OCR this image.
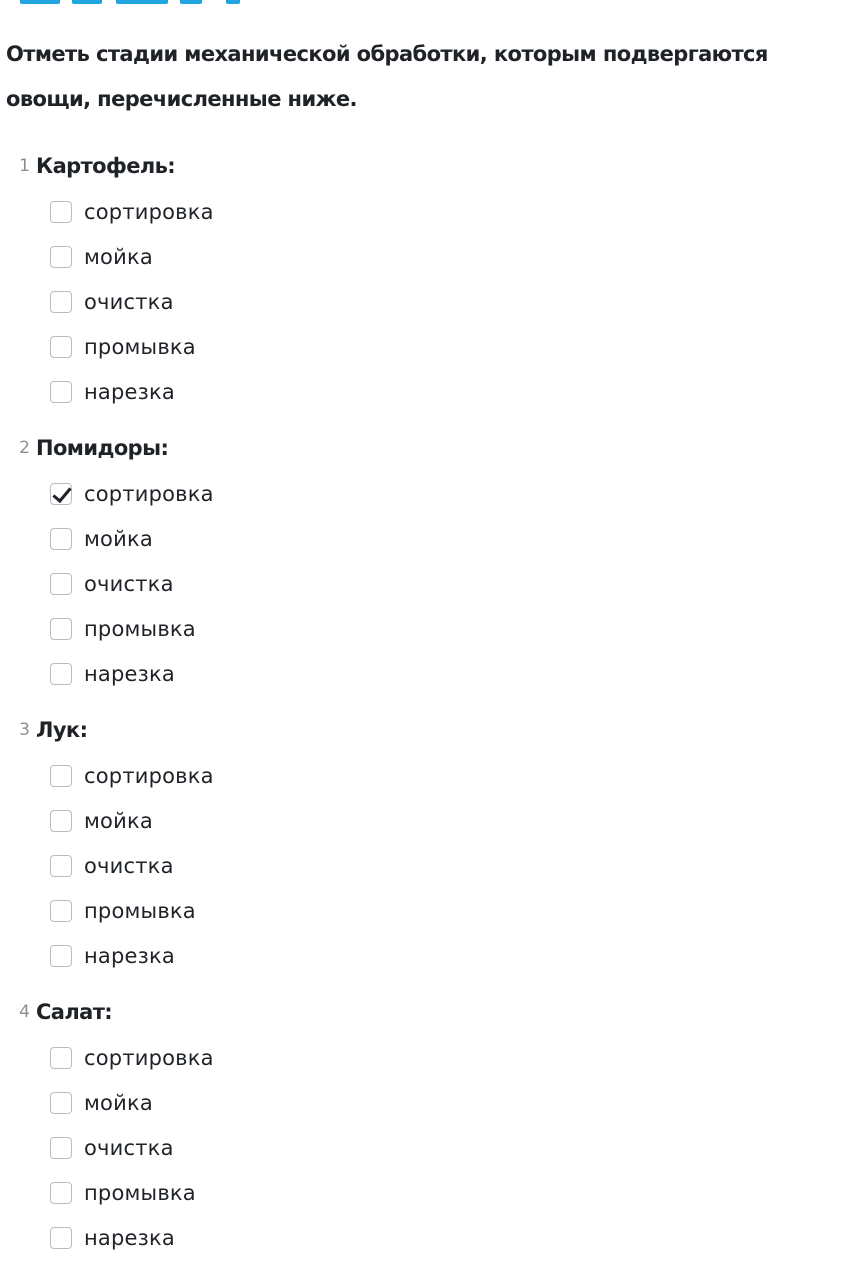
Отметь стадии механической обработки, которым подвергаются овощи, перечисленные ниже.

1 Картофель:
сортировка
мойка
очистка
промывка
нарезка
2 Помидоры:
сортировка
мойка
очистка
промывка
нарезка
3 Лук:
сортировка
мойка
очистка
промывка
нарезка
4 Салат:
сортировка
мойка
очистка
промывка
нарезка
